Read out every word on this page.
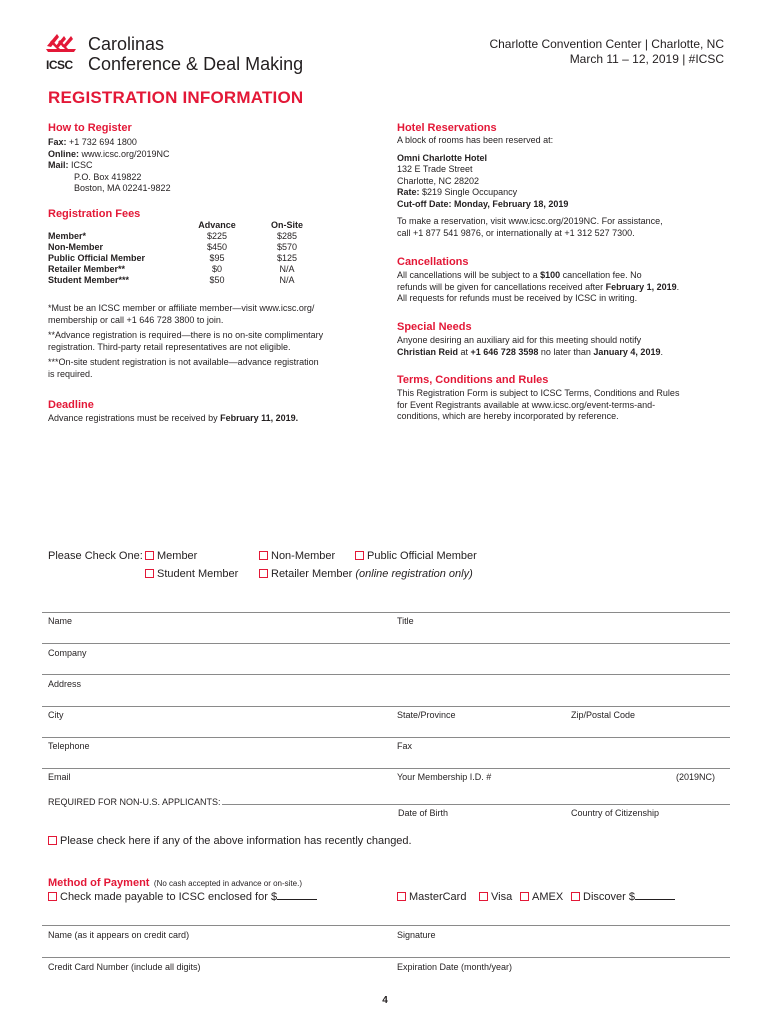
ICSC
Carolinas
Conference & Deal Making
Charlotte Convention Center | Charlotte, NC
March 11 – 12, 2019 | #ICSC
REGISTRATION INFORMATION
How to Register
Fax: +1 732 694 1800
Online: www.icsc.org/2019NC
Mail: ICSC
P.O. Box 419822
Boston, MA 02241-9822
Registration Fees
	Advance	On-Site
Member*	$225	$285
Non-Member	$450	$570
Public Official Member	$95	$125
Retailer Member**	$0	N/A
Student Member***	$50	N/A
*Must be an ICSC member or affiliate member—visit www.icsc.org/
membership or call +1 646 728 3800 to join.
**Advance registration is required—there is no on-site complimentary
registration. Third-party retail representatives are not eligible.
***On-site student registration is not available—advance registration
is required.
Deadline
Advance registrations must be received by February 11, 2019.
Hotel Reservations
A block of rooms has been reserved at:
Omni Charlotte Hotel
132 E Trade Street
Charlotte, NC 28202
Rate: $219 Single Occupancy
Cut-off Date: Monday, February 18, 2019
To make a reservation, visit www.icsc.org/2019NC. For assistance,
call +1 877 541 9876, or internationally at +1 312 527 7300.
Cancellations
All cancellations will be subject to a $100 cancellation fee. No
refunds will be given for cancellations received after February 1, 2019.
All requests for refunds must be received by ICSC in writing.
Special Needs
Anyone desiring an auxiliary aid for this meeting should notify
Christian Reid at +1 646 728 3598 no later than January 4, 2019.
Terms, Conditions and Rules
This Registration Form is subject to ICSC Terms, Conditions and Rules
for Event Registrants available at www.icsc.org/event-terms-and-
conditions, which are hereby incorporated by reference.
Please Check One:	Member	Non-Member	Public Official Member
Student Member	Retailer Member (online registration only)
Name	Title
Company
Address
City	State/Province	Zip/Postal Code
Telephone	Fax
Email	Your Membership I.D. #	(2019NC)
REQUIRED FOR NON-U.S. APPLICANTS:
Date of Birth	Country of Citizenship
Please check here if any of the above information has recently changed.
Method of Payment (No cash accepted in advance or on-site.)
Check made payable to ICSC enclosed for $	MasterCard	Visa	AMEX	Discover $
Name (as it appears on credit card)	Signature
Credit Card Number (include all digits)	Expiration Date (month/year)
4
